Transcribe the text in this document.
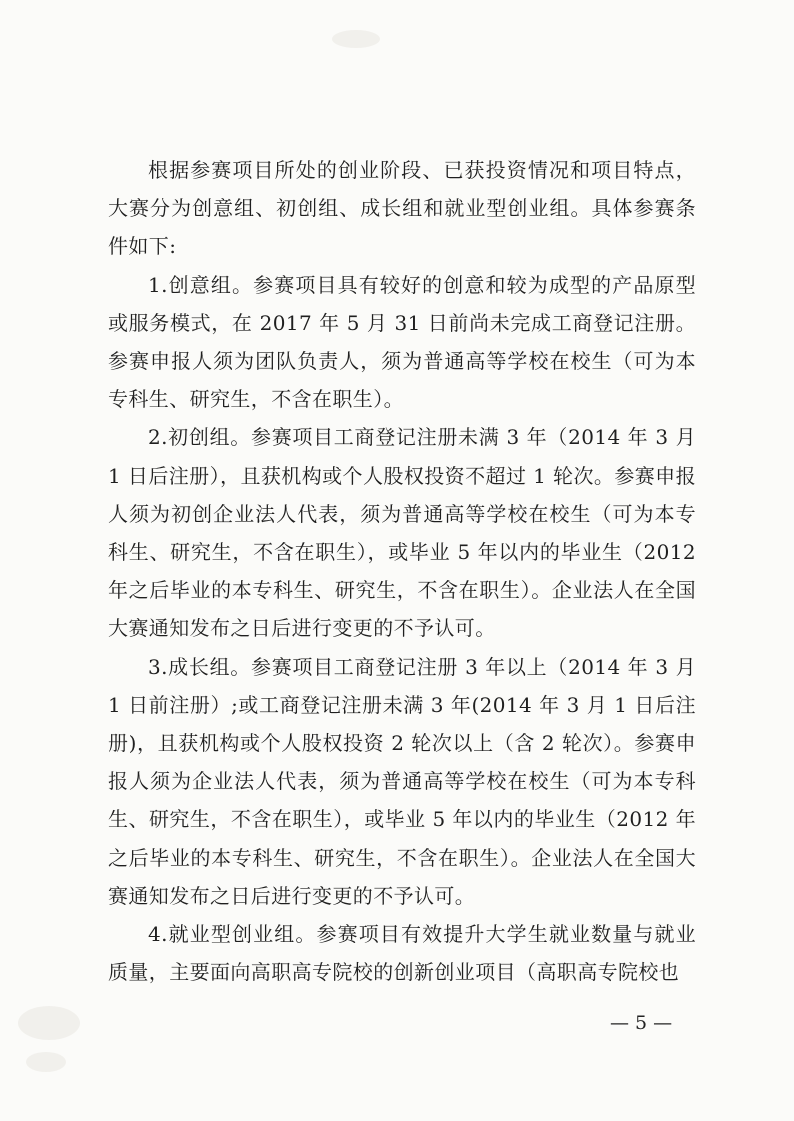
根据参赛项目所处的创业阶段、已获投资情况和项目特点，大赛分为创意组、初创组、成长组和就业型创业组。具体参赛条件如下:

1.创意组。参赛项目具有较好的创意和较为成型的产品原型或服务模式，在 2017 年 5 月 31 日前尚未完成工商登记注册。参赛申报人须为团队负责人，须为普通高等学校在校生（可为本专科生、研究生，不含在职生）。

2.初创组。参赛项目工商登记注册未满 3 年（2014 年 3 月 1 日后注册），且获机构或个人股权投资不超过 1 轮次。参赛申报人须为初创企业法人代表，须为普通高等学校在校生（可为本专科生、研究生，不含在职生），或毕业 5 年以内的毕业生（2012 年之后毕业的本专科生、研究生，不含在职生）。企业法人在全国大赛通知发布之日后进行变更的不予认可。

3.成长组。参赛项目工商登记注册 3 年以上（2014 年 3 月 1 日前注册）;或工商登记注册未满 3 年(2014 年 3 月 1 日后注册)，且获机构或个人股权投资 2 轮次以上（含 2 轮次）。参赛申报人须为企业法人代表，须为普通高等学校在校生（可为本专科生、研究生，不含在职生），或毕业 5 年以内的毕业生（2012 年之后毕业的本专科生、研究生，不含在职生）。企业法人在全国大赛通知发布之日后进行变更的不予认可。

4.就业型创业组。参赛项目有效提升大学生就业数量与就业质量，主要面向高职高专院校的创新创业项目（高职高专院校也

— 5 —
